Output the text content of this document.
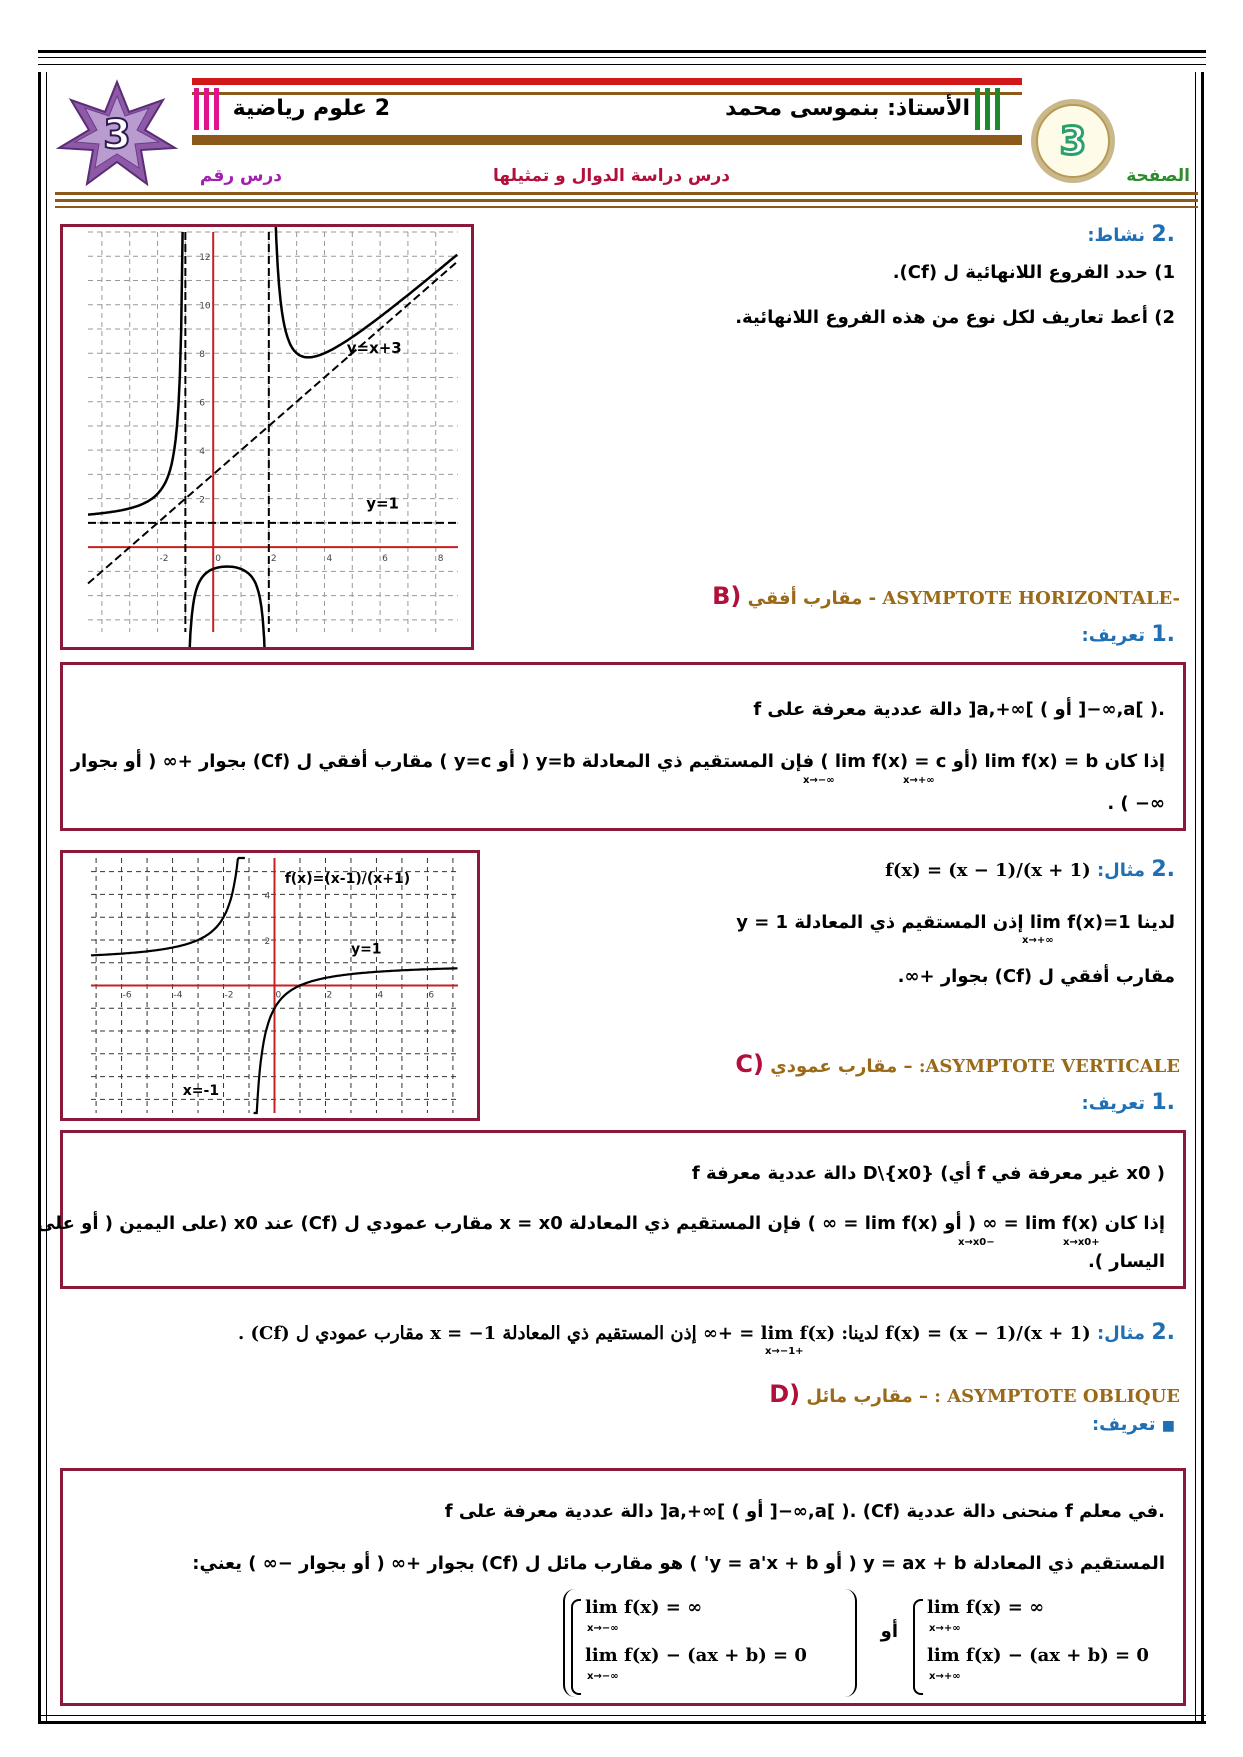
3
2 علوم رياضية	الأستاذ: بنموسى محمد
3
درس رقم	درس دراسة الدوال و تمثيلها	الصفحة
.2 نشاط:
1) حدد الفروع اللانهائية ل (Cf).
2) أعط تعاريف لكل نوع من هذه الفروع اللانهائية.
12
10
8
6
4
2
-2	0	2	4	6	8
y=x+3
y=1
B) مقارب أفقي - ASYMPTOTE HORIZONTALE-
.1 تعريف:
f دالة عددية معرفة على ]a,+∞[ ( أو ]−∞,a[ ).
إذا كان lim f(x) = b (أو lim f(x) = c ) فإن المستقيم ذي المعادلة y=b ( أو y=c ) مقارب أفقي ل (Cf) بجوار +∞ ( أو بجوار
x→+∞
x→−∞
. ( −∞
.2 مثال: f(x) = (x − 1)/(x + 1)
لدينا lim f(x)=1 إذن المستقيم ذي المعادلة y = 1
x→+∞
مقارب أفقي ل (Cf) بجوار +∞.
-6	-4	-2	0	2	4	6
4
2
f(x)=(x-1)/(x+1)
y=1
x=-1
C) مقارب عمودي – :ASYMPTOTE VERTICALE
.1 تعريف:
f دالة عددية معرفة D\{x0} (أي f غير معرفة في x0 )
إذا كان lim f(x) = ∞ ( أو lim f(x) = ∞ ) فإن المستقيم ذي المعادلة x = x0 مقارب عمودي ل (Cf) عند x0 (على اليمين ( أو على
x→x0+
x→x0−
اليسار ).
.2 مثال: f(x) = (x − 1)/(x + 1) لدينا: lim f(x) = +∞ إذن المستقيم ذي المعادلة x = −1 مقارب عمودي ل (Cf) .
x→−1+
D) مقارب مائل – : ASYMPTOTE OBLIQUE
■ تعريف:
f دالة عددية معرفة على ]a,+∞[ ( أو ]−∞,a[ ). (Cf) منحنى دالة عددية f في معلم.
المستقيم ذي المعادلة y = ax + b ( أو y = a'x + b' ) هو مقارب مائل ل (Cf) بجوار +∞ ( أو بجوار −∞ ) يعني:
lim f(x) = ∞
x→+∞
lim f(x) − (ax + b) = 0
x→+∞
أو
lim f(x) = ∞
x→−∞
lim f(x) − (ax + b) = 0
x→−∞
